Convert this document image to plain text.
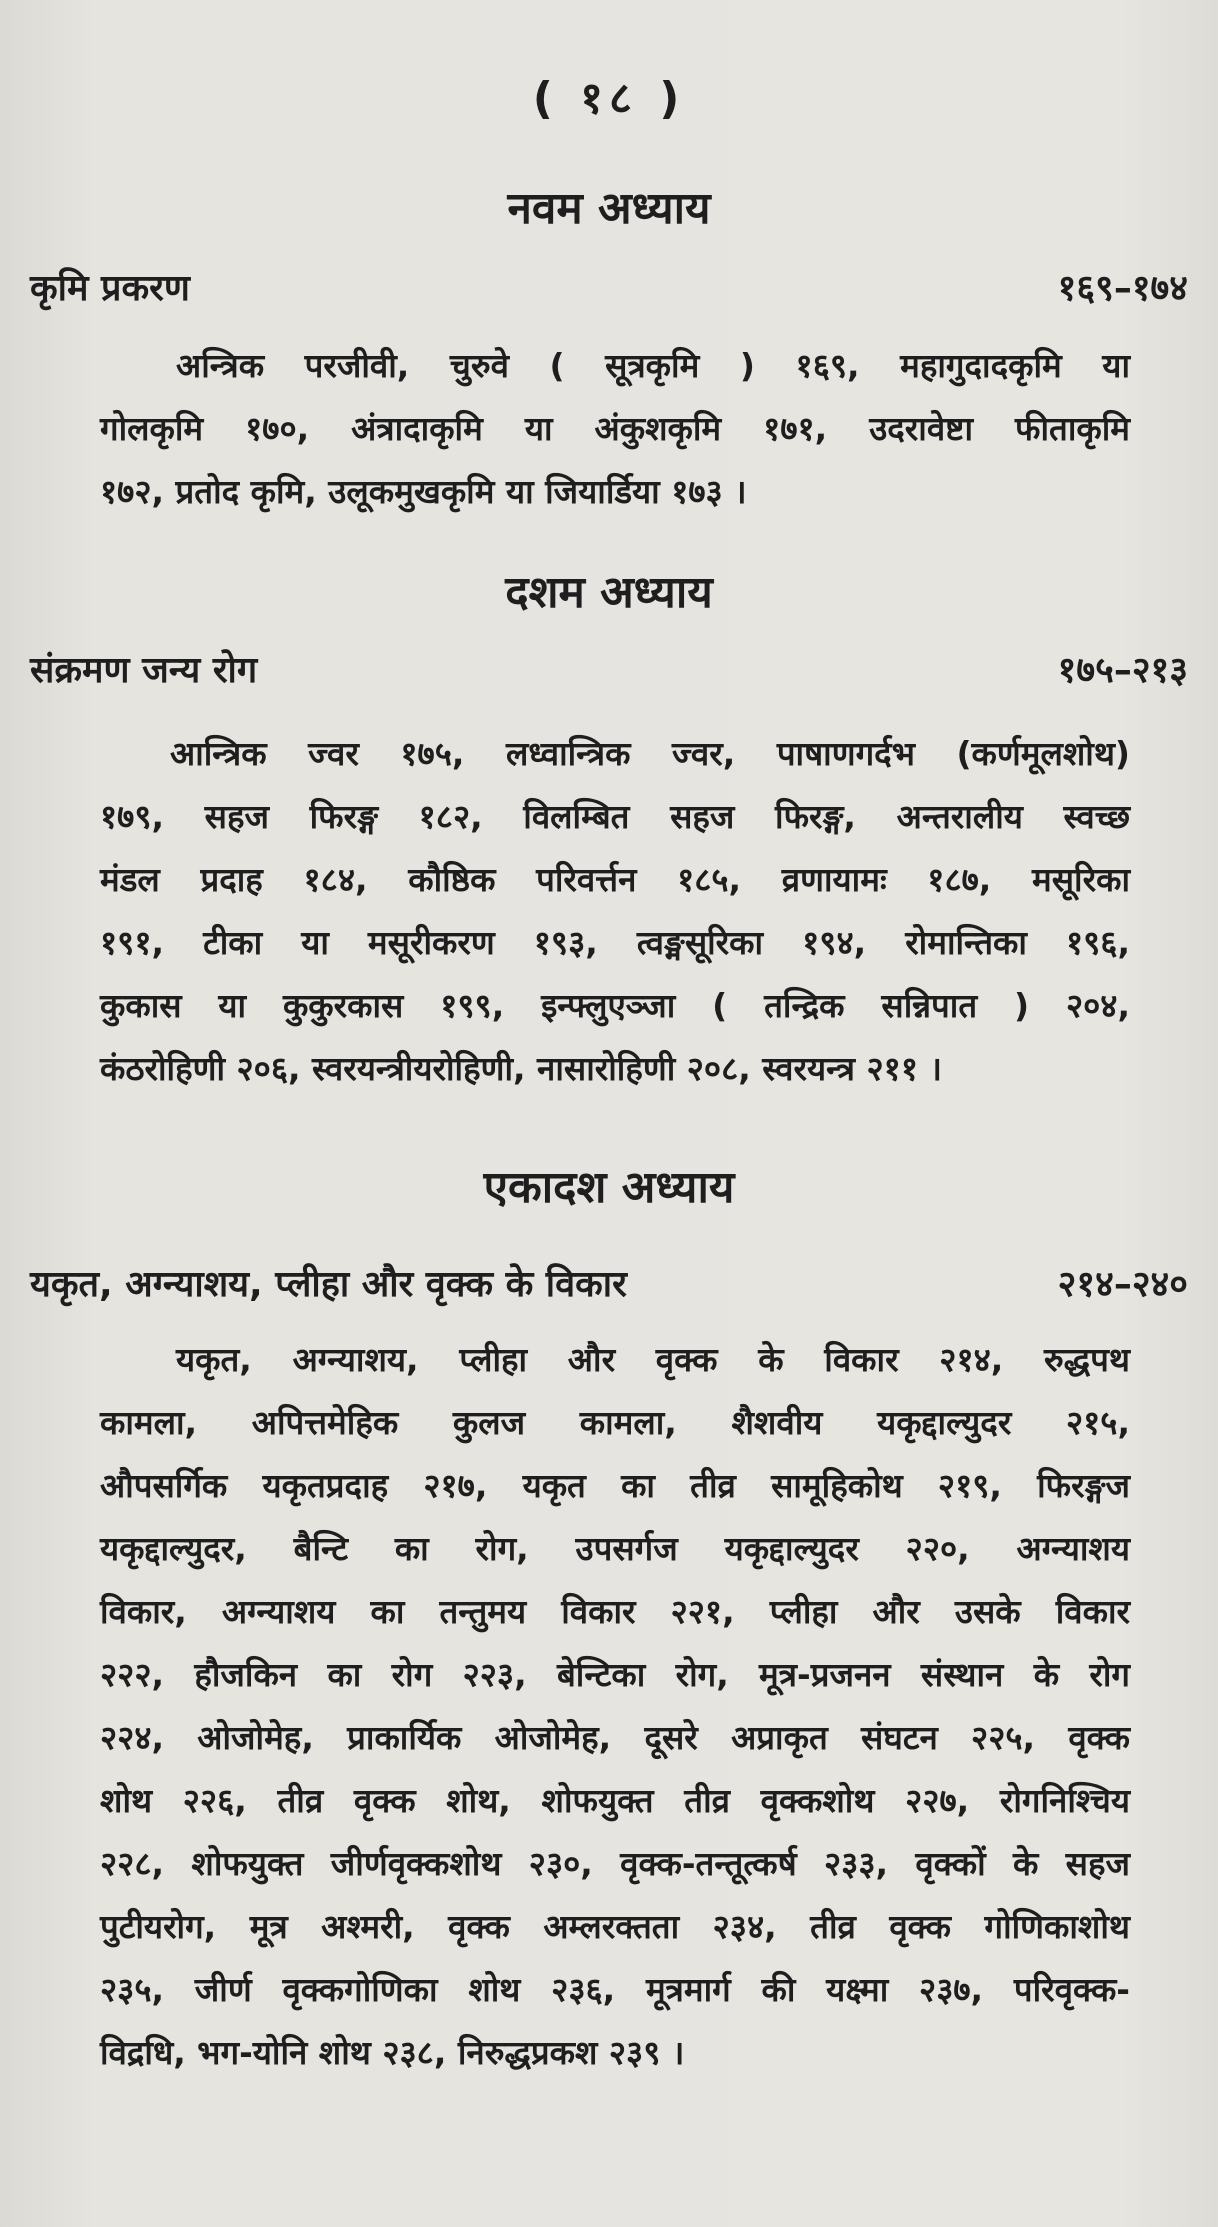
( १८ )
नवम अध्याय
कृमि प्रकरण	१६९–१७४
अन्त्रिक परजीवी, चुरुवे ( सूत्रकृमि ) १६९, महागुदादकृमि या
गोलकृमि १७०, अंत्रादाकृमि या अंकुशकृमि १७१, उदरावेष्टा फीताकृमि
१७२, प्रतोद कृमि, उलूकमुखकृमि या जियार्डिया १७३ ।
दशम अध्याय
संक्रमण जन्य रोग	१७५–२१३
आन्त्रिक ज्वर १७५, लध्वान्त्रिक ज्वर, पाषाणगर्दभ (कर्णमूलशोथ)
१७९, सहज फिरङ्ग १८२, विलम्बित सहज फिरङ्ग, अन्तरालीय स्वच्छ
मंडल प्रदाह १८४, कौष्ठिक परिवर्त्तन १८५, व्रणायामः १८७, मसूरिका
१९१, टीका या मसूरीकरण १९३, त्वङ्मसूरिका १९४, रोमान्तिका १९६,
कुकास या कुकुरकास १९९, इन्फ्लुएञ्जा ( तन्द्रिक सन्निपात ) २०४,
कंठरोहिणी २०६, स्वरयन्त्रीयरोहिणी, नासारोहिणी २०८, स्वरयन्त्र २११ ।
एकादश अध्याय
यकृत, अग्न्याशय, प्लीहा और वृक्क के विकार	२१४–२४०
यकृत, अग्न्याशय, प्लीहा और वृक्क के विकार २१४, रुद्धपथ
कामला, अपित्तमेहिक कुलज कामला, शैशवीय यकृद्दाल्युदर २१५,
औपसर्गिक यकृतप्रदाह २१७, यकृत का तीव्र सामूहिकोथ २१९, फिरङ्गज
यकृद्दाल्युदर, बैन्टि का रोग, उपसर्गज यकृद्दाल्युदर २२०, अग्न्याशय
विकार, अग्न्याशय का तन्तुमय विकार २२१, प्लीहा और उसके विकार
२२२, हौजकिन का रोग २२३, बेन्टिका रोग, मूत्र-प्रजनन संस्थान के रोग
२२४, ओजोमेह, प्राकार्यिक ओजोमेह, दूसरे अप्राकृत संघटन २२५, वृक्क
शोथ २२६, तीव्र वृक्क शोथ, शोफयुक्त तीव्र वृक्कशोथ २२७, रोगनिश्चिय
२२८, शोफयुक्त जीर्णवृक्कशोथ २३०, वृक्क-तन्तूत्कर्ष २३३, वृक्कों के सहज
पुटीयरोग, मूत्र अश्मरी, वृक्क अम्लरक्तता २३४, तीव्र वृक्क गोणिकाशोथ
२३५, जीर्ण वृक्कगोणिका शोथ २३६, मूत्रमार्ग की यक्ष्मा २३७, परिवृक्क-
विद्रधि, भग-योनि शोथ २३८, निरुद्धप्रकश २३९ ।
